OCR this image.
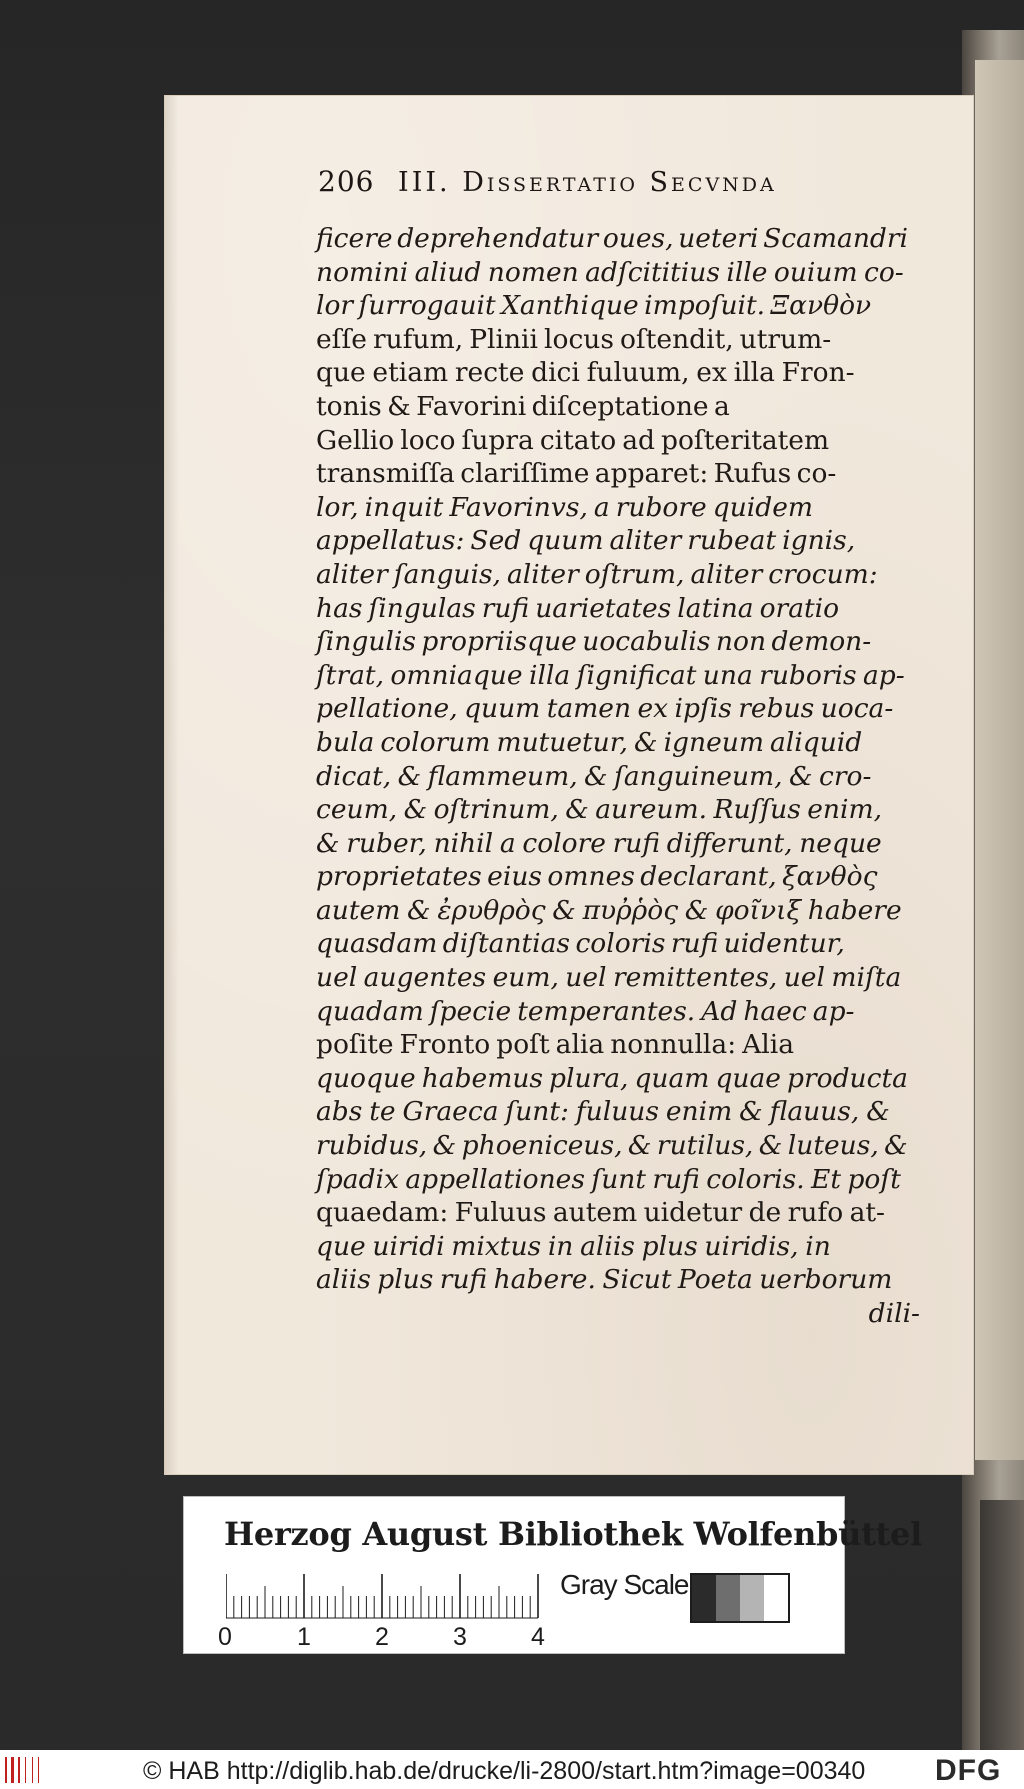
206 III. Dissertatio Secvnda
ficere deprehendatur oues, ueteri Scamandri
nomini aliud nomen adſcititius ille ouium co-
lor ſurrogauit Xanthique impoſuit. Ξανθὸν
eſſe rufum, Plinii locus oſtendit, utrum-
que etiam recte dici fuluum, ex illa Fron-
tonis & Favorini diſceptatione a
Gellio loco ſupra citato ad poſteritatem
transmiſſa clariſſime apparet: Rufus co-
lor, inquit Favorinvs, a rubore quidem
appellatus: Sed quum aliter rubeat ignis,
aliter ſanguis, aliter oſtrum, aliter crocum:
has ſingulas rufi uarietates latina oratio
ſingulis propriisque uocabulis non demon-
ſtrat, omniaque illa ſignificat una ruboris ap-
pellatione, quum tamen ex ipſis rebus uoca-
bula colorum mutuetur, & igneum aliquid
dicat, & flammeum, & ſanguineum, & cro-
ceum, & oſtrinum, & aureum. Ruſſus enim,
& ruber, nihil a colore rufi differunt, neque
proprietates eius omnes declarant, ξανθὸς
autem & ἐρυθρὸς & πυῤῥὸς & φοῖνιξ habere
quasdam diſtantias coloris rufi uidentur,
uel augentes eum, uel remittentes, uel miſta
quadam ſpecie temperantes. Ad haec ap-
poſite Fronto poſt alia nonnulla: Alia
quoque habemus plura, quam quae producta
abs te Graeca ſunt: fuluus enim & flauus, &
rubidus, & phoeniceus, & rutilus, & luteus, &
ſpadix appellationes ſunt rufi coloris. Et poſt
quaedam: Fuluus autem uidetur de rufo at-
que uiridi mixtus in aliis plus uiridis, in
aliis plus rufi habere. Sicut Poeta uerborum
dili-
Herzog August Bibliothek Wolfenbüttel
Gray Scale
0	1	2	3	4
© HAB http://diglib.hab.de/drucke/li-2800/start.htm?image=00340 DFG
